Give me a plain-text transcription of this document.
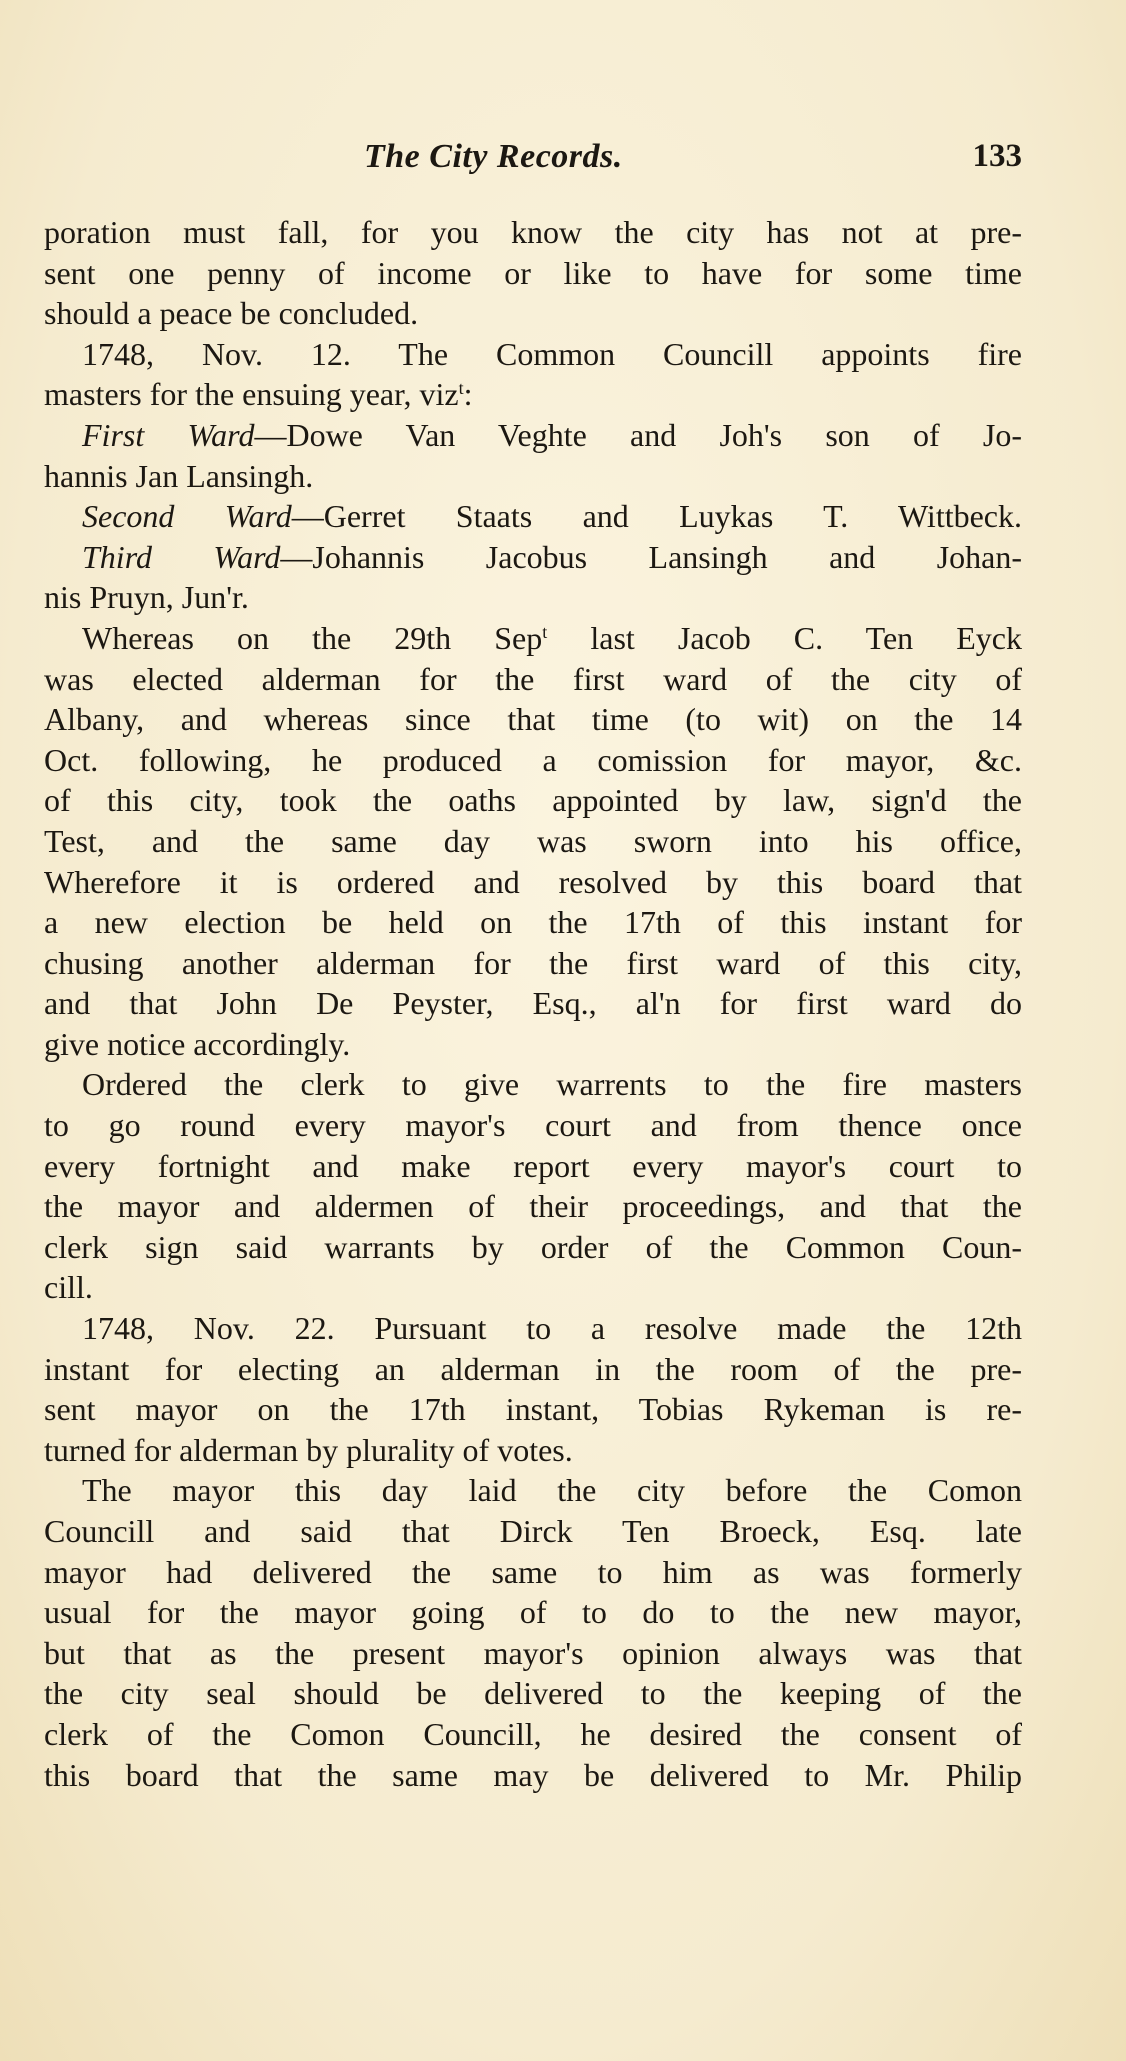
The City Records.	133
poration must fall, for you know the city has not at pre-
sent one penny of income or like to have for some time
should a peace be concluded.
1748, Nov. 12. The Common Councill appoints fire
masters for the ensuing year, viz$^t$:
First Ward—Dowe Van Veghte and Joh's son of Jo-
hannis Jan Lansingh.
Second Ward—Gerret Staats and Luykas T. Wittbeck.
Third Ward—Johannis Jacobus Lansingh and Johan-
nis Pruyn, Jun'r.
Whereas on the 29th Sep$^t$ last Jacob C. Ten Eyck
was elected alderman for the first ward of the city of
Albany, and whereas since that time (to wit) on the 14
Oct. following, he produced a comission for mayor, &c.
of this city, took the oaths appointed by law, sign'd the
Test, and the same day was sworn into his office,
Wherefore it is ordered and resolved by this board that
a new election be held on the 17th of this instant for
chusing another alderman for the first ward of this city,
and that John De Peyster, Esq., al'n for first ward do
give notice accordingly.
Ordered the clerk to give warrents to the fire masters
to go round every mayor's court and from thence once
every fortnight and make report every mayor's court to
the mayor and aldermen of their proceedings, and that the
clerk sign said warrants by order of the Common Coun-
cill.
1748, Nov. 22. Pursuant to a resolve made the 12th
instant for electing an alderman in the room of the pre-
sent mayor on the 17th instant, Tobias Rykeman is re-
turned for alderman by plurality of votes.
The mayor this day laid the city before the Comon
Councill and said that Dirck Ten Broeck, Esq. late
mayor had delivered the same to him as was formerly
usual for the mayor going of to do to the new mayor,
but that as the present mayor's opinion always was that
the city seal should be delivered to the keeping of the
clerk of the Comon Councill, he desired the consent of
this board that the same may be delivered to Mr. Philip
